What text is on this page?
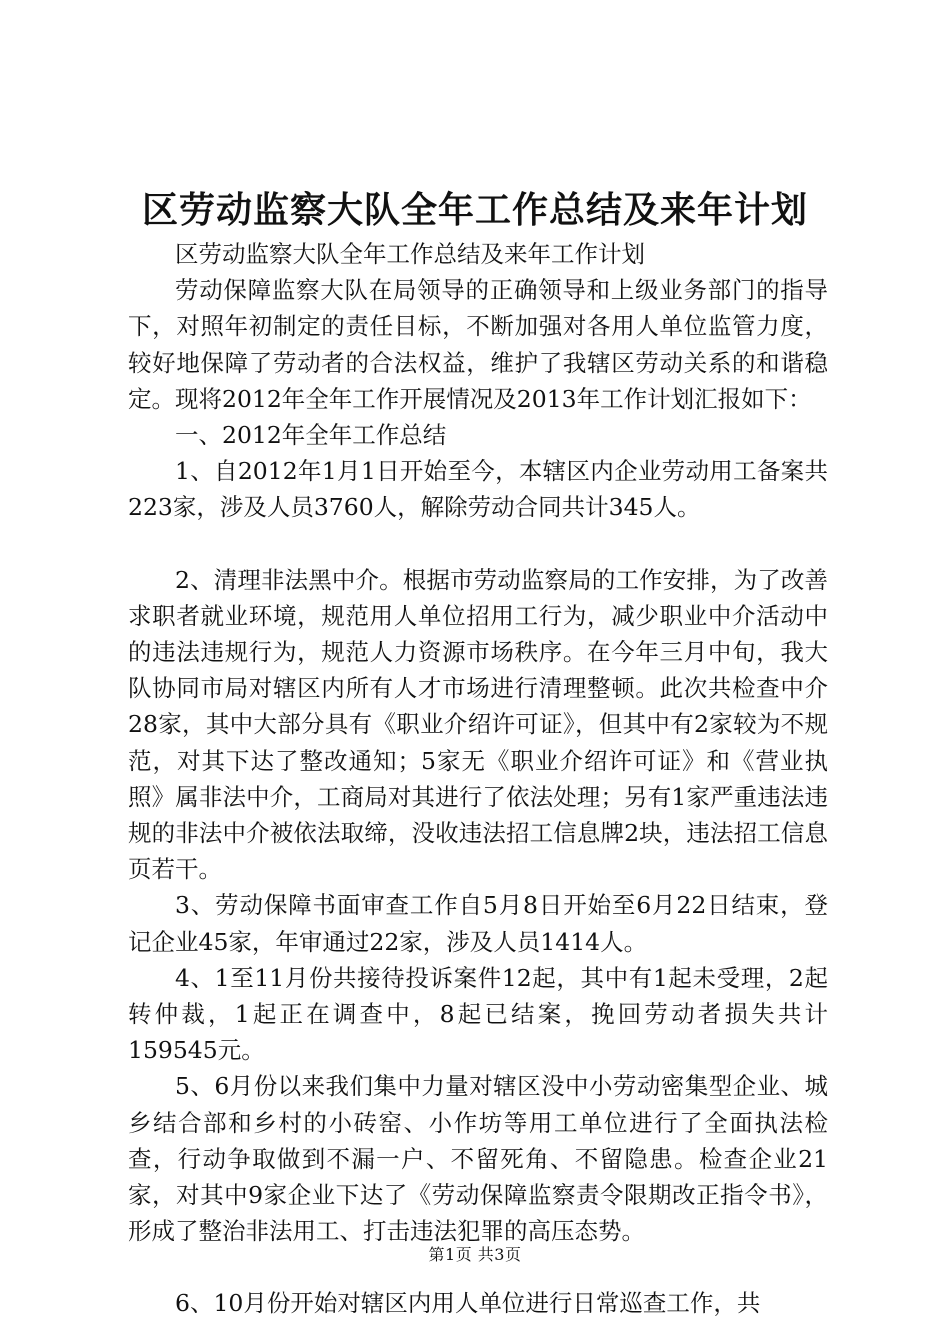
区劳动监察大队全年工作总结及来年计划

区劳动监察大队全年工作总结及来年工作计划

劳动保障监察大队在局领导的正确领导和上级业务部门的指导下，对照年初制定的责任目标，不断加强对各用人单位监管力度，较好地保障了劳动者的合法权益，维护了我辖区劳动关系的和谐稳定。现将2012年全年工作开展情况及2013年工作计划汇报如下：

一、2012年全年工作总结

1、自2012年1月1日开始至今，本辖区内企业劳动用工备案共223家，涉及人员3760人，解除劳动合同共计345人。

2、清理非法黑中介。根据市劳动监察局的工作安排，为了改善求职者就业环境，规范用人单位招用工行为，减少职业中介活动中的违法违规行为，规范人力资源市场秩序。在今年三月中旬，我大队协同市局对辖区内所有人才市场进行清理整顿。此次共检查中介28家，其中大部分具有《职业介绍许可证》，但其中有2家较为不规范，对其下达了整改通知；5家无《职业介绍许可证》和《营业执照》属非法中介，工商局对其进行了依法处理；另有1家严重违法违规的非法中介被依法取缔，没收违法招工信息牌2块，违法招工信息页若干。

3、劳动保障书面审查工作自5月8日开始至6月22日结束，登记企业45家，年审通过22家，涉及人员1414人。

4、1至11月份共接待投诉案件12起，其中有1起未受理，2起转仲裁，1起正在调查中，8起已结案，挽回劳动者损失共计159545元。

5、6月份以来我们集中力量对辖区没中小劳动密集型企业、城乡结合部和乡村的小砖窑、小作坊等用工单位进行了全面执法检查，行动争取做到不漏一户、不留死角、不留隐患。检查企业21家，对其中9家企业下达了《劳动保障监察责令限期改正指令书》，形成了整治非法用工、打击违法犯罪的高压态势。

6、10月份开始对辖区内用人单位进行日常巡查工作，共

第1页 共3页
